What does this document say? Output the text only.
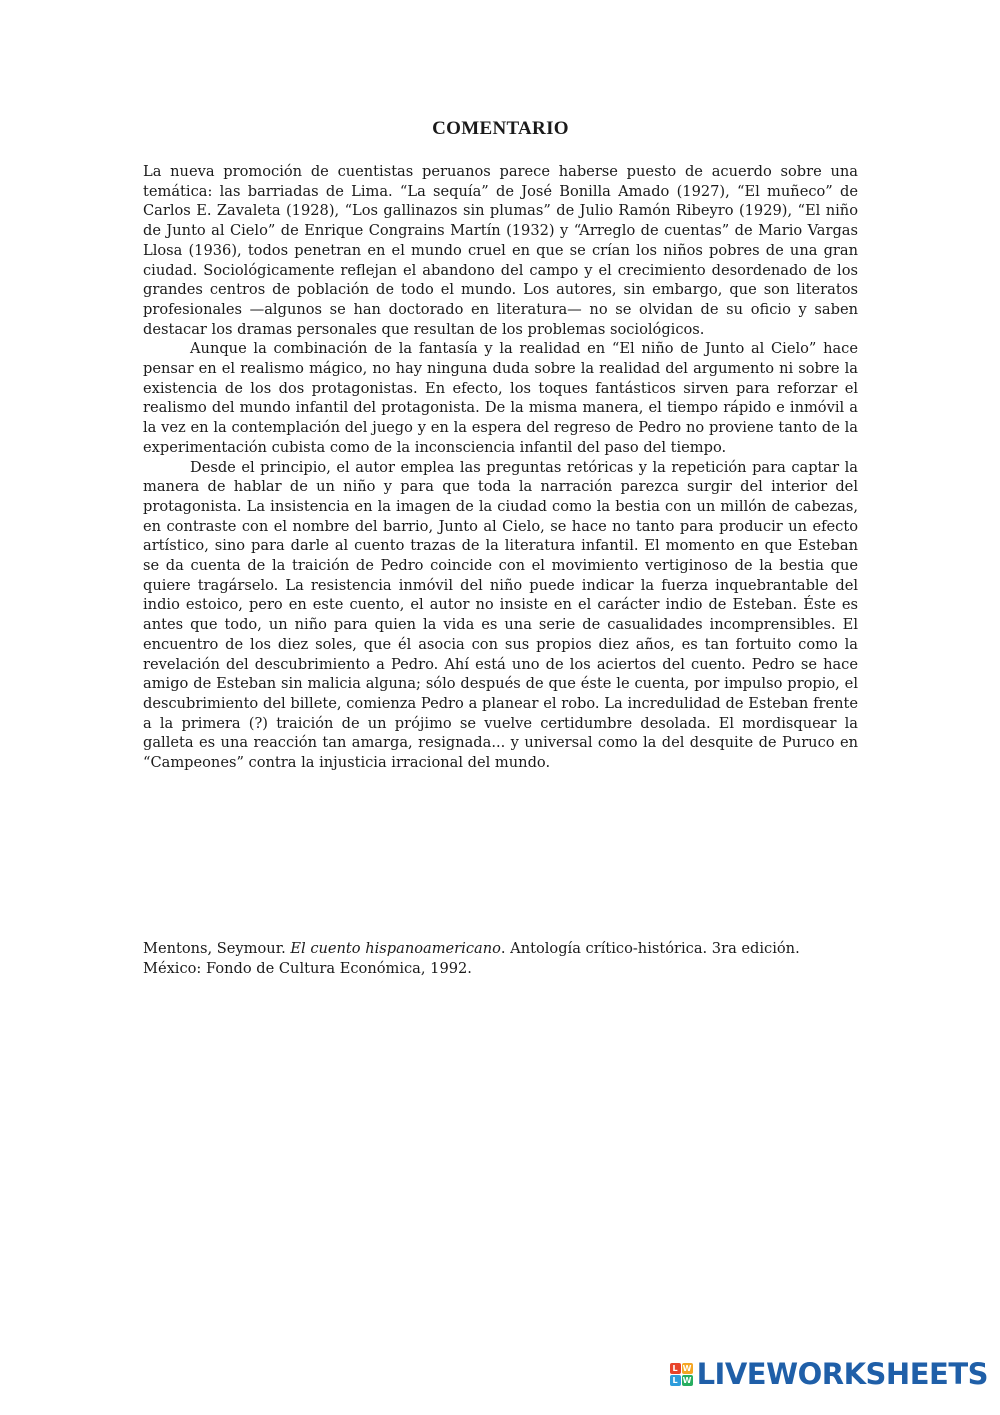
COMENTARIO

La nueva promoción de cuentistas peruanos parece haberse puesto de acuerdo sobre una temática: las barriadas de Lima. “La sequía” de José Bonilla Amado (1927), “El muñeco” de Carlos E. Zavaleta (1928), “Los gallinazos sin plumas” de Julio Ramón Ribeyro (1929), “El niño de Junto al Cielo” de Enrique Congrains Martín (1932) y “Arreglo de cuentas” de Mario Vargas Llosa (1936), todos penetran en el mundo cruel en que se crían los niños pobres de una gran ciudad. Sociológicamente reflejan el abandono del campo y el crecimiento desordenado de los grandes centros de población de todo el mundo. Los autores, sin embargo, que son literatos profesionales —algunos se han doctorado en literatura— no se olvidan de su oficio y saben destacar los dramas personales que resultan de los problemas sociológicos.

Aunque la combinación de la fantasía y la realidad en “El niño de Junto al Cielo” hace pensar en el realismo mágico, no hay ninguna duda sobre la realidad del argumento ni sobre la existencia de los dos protagonistas. En efecto, los toques fantásticos sirven para reforzar el realismo del mundo infantil del protagonista. De la misma manera, el tiempo rápido e inmóvil a la vez en la contemplación del juego y en la espera del regreso de Pedro no proviene tanto de la experimentación cubista como de la inconsciencia infantil del paso del tiempo.

Desde el principio, el autor emplea las preguntas retóricas y la repetición para captar la manera de hablar de un niño y para que toda la narración parezca surgir del interior del protagonista. La insistencia en la imagen de la ciudad como la bestia con un millón de cabezas, en contraste con el nombre del barrio, Junto al Cielo, se hace no tanto para producir un efecto artístico, sino para darle al cuento trazas de la literatura infantil. El momento en que Esteban se da cuenta de la traición de Pedro coincide con el movimiento vertiginoso de la bestia que quiere tragárselo. La resistencia inmóvil del niño puede indicar la fuerza inquebrantable del indio estoico, pero en este cuento, el autor no insiste en el carácter indio de Esteban. Éste es antes que todo, un niño para quien la vida es una serie de casualidades incomprensibles. El encuentro de los diez soles, que él asocia con sus propios diez años, es tan fortuito como la revelación del descubrimiento a Pedro. Ahí está uno de los aciertos del cuento. Pedro se hace amigo de Esteban sin malicia alguna; sólo después de que éste le cuenta, por impulso propio, el descubrimiento del billete, comienza Pedro a planear el robo. La incredulidad de Esteban frente a la primera (?) traición de un prójimo se vuelve certidumbre desolada. El mordisquear la galleta es una reacción tan amarga, resignada... y universal como la del desquite de Puruco en “Campeones” contra la injusticia irracional del mundo.

Mentons, Seymour. El cuento hispanoamericano. Antología crítico-histórica. 3ra edición. México: Fondo de Cultura Económica, 1992.
L W
L W LIVEWORKSHEETS
